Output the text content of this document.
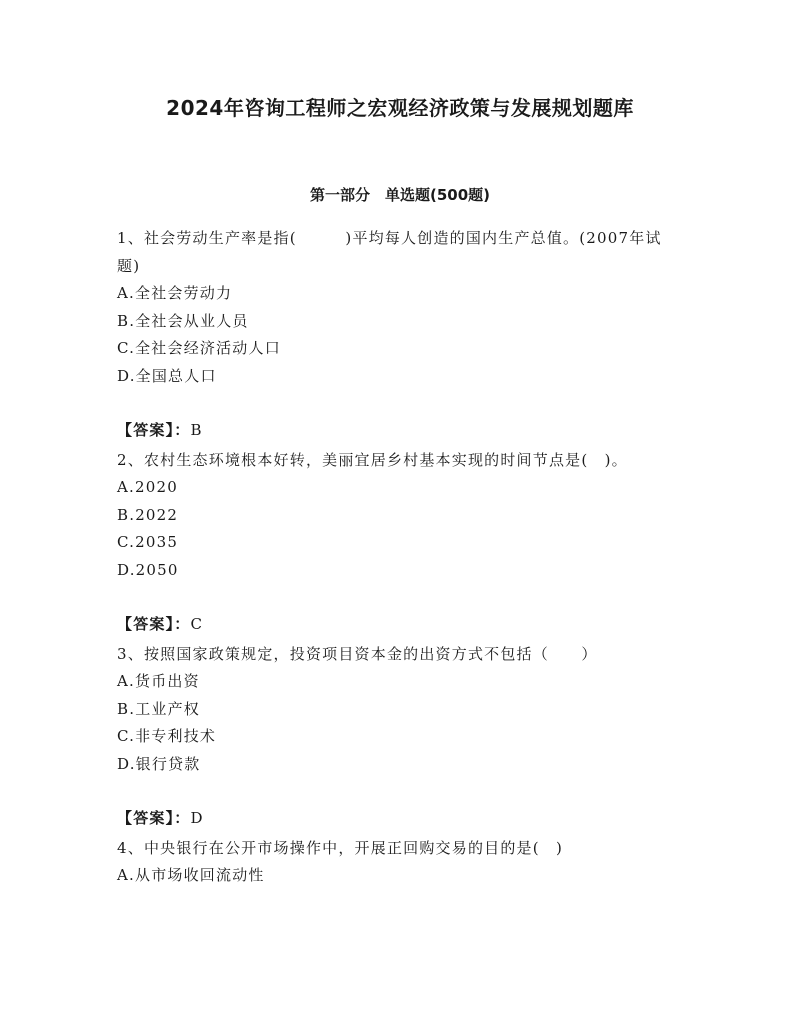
2024年咨询工程师之宏观经济政策与发展规划题库
第一部分　单选题(500题)

1、社会劳动生产率是指(　　　)平均每人创造的国内生产总值。(2007年试题)

A.全社会劳动力

B.全社会从业人员

C.全社会经济活动人口

D.全国总人口

【答案】：B

2、农村生态环境根本好转，美丽宜居乡村基本实现的时间节点是(　)。

A.2020

B.2022

C.2035

D.2050

【答案】：C

3、按照国家政策规定，投资项目资本金的出资方式不包括（　　）

A.货币出资

B.工业产权

C.非专利技术

D.银行贷款

【答案】：D

4、中央银行在公开市场操作中，开展正回购交易的目的是(　)

A.从市场收回流动性
